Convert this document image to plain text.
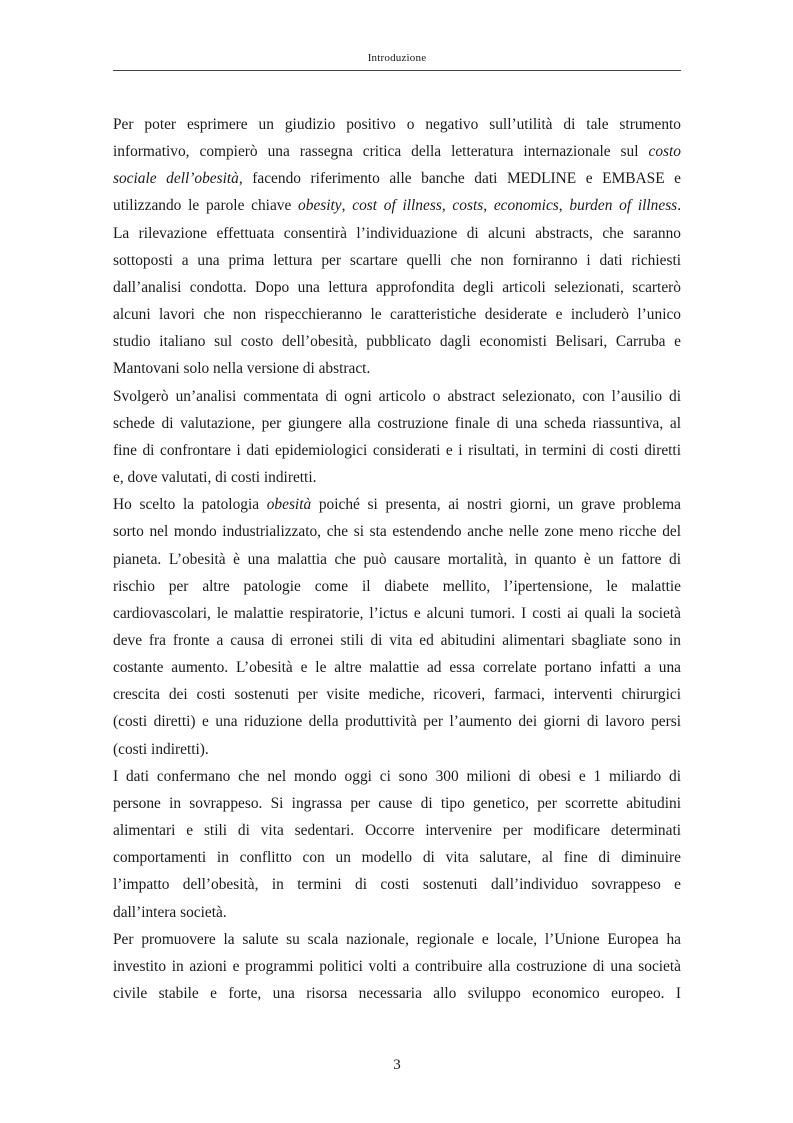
Introduzione

Per poter esprimere un giudizio positivo o negativo sull’utilità di tale strumento
informativo, compierò una rassegna critica della letteratura internazionale sul costo
sociale dell’obesità, facendo riferimento alle banche dati MEDLINE e EMBASE e
utilizzando le parole chiave obesity, cost of illness, costs, economics, burden of illness.
La rilevazione effettuata consentirà l’individuazione di alcuni abstracts, che saranno
sottoposti a una prima lettura per scartare quelli che non forniranno i dati richiesti
dall’analisi condotta. Dopo una lettura approfondita degli articoli selezionati, scarterò
alcuni lavori che non rispecchieranno le caratteristiche desiderate e includerò l’unico
studio italiano sul costo dell’obesità, pubblicato dagli economisti Belisari, Carruba e
Mantovani solo nella versione di abstract.

Svolgerò un’analisi commentata di ogni articolo o abstract selezionato, con l’ausilio di
schede di valutazione, per giungere alla costruzione finale di una scheda riassuntiva, al
fine di confrontare i dati epidemiologici considerati e i risultati, in termini di costi diretti
e, dove valutati, di costi indiretti.

Ho scelto la patologia obesità poiché si presenta, ai nostri giorni, un grave problema
sorto nel mondo industrializzato, che si sta estendendo anche nelle zone meno ricche del
pianeta. L’obesità è una malattia che può causare mortalità, in quanto è un fattore di
rischio per altre patologie come il diabete mellito, l’ipertensione, le malattie
cardiovascolari, le malattie respiratorie, l’ictus e alcuni tumori. I costi ai quali la società
deve fra fronte a causa di erronei stili di vita ed abitudini alimentari sbagliate sono in
costante aumento. L’obesità e le altre malattie ad essa correlate portano infatti a una
crescita dei costi sostenuti per visite mediche, ricoveri, farmaci, interventi chirurgici
(costi diretti) e una riduzione della produttività per l’aumento dei giorni di lavoro persi
(costi indiretti).

I dati confermano che nel mondo oggi ci sono 300 milioni di obesi e 1 miliardo di
persone in sovrappeso. Si ingrassa per cause di tipo genetico, per scorrette abitudini
alimentari e stili di vita sedentari. Occorre intervenire per modificare determinati
comportamenti in conflitto con un modello di vita salutare, al fine di diminuire
l’impatto dell’obesità, in termini di costi sostenuti dall’individuo sovrappeso e
dall’intera società.

Per promuovere la salute su scala nazionale, regionale e locale, l’Unione Europea ha
investito in azioni e programmi politici volti a contribuire alla costruzione di una società
civile stabile e forte, una risorsa necessaria allo sviluppo economico europeo. I

3
